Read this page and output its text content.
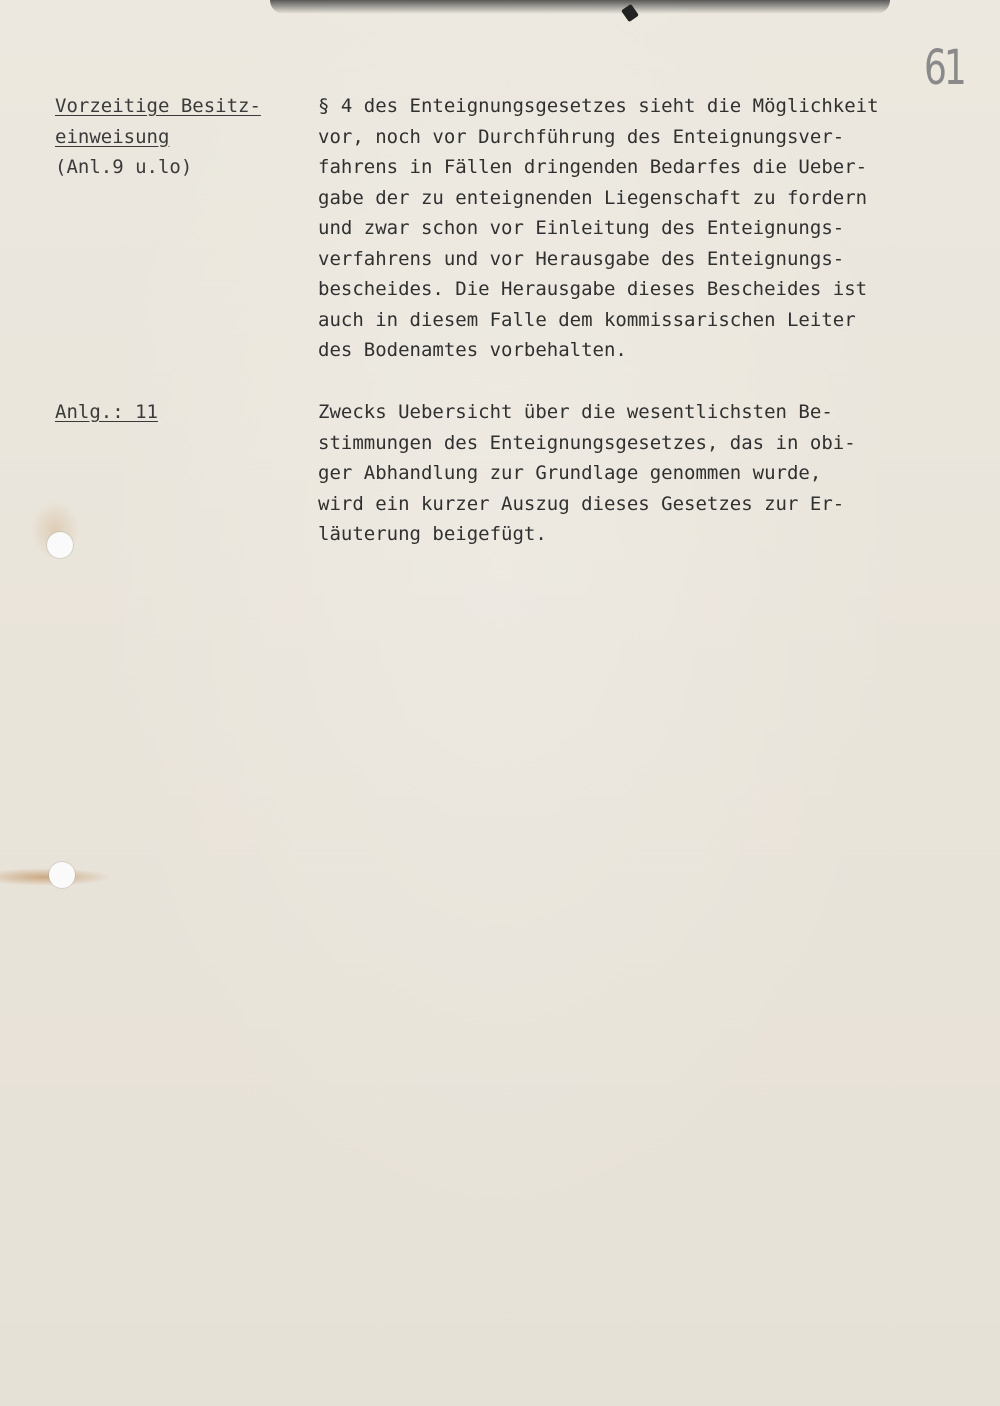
61
Vorzeitige Besitz-
einweisung
(Anl.9 u.lo)
Anlg.: 11
§ 4 des Enteignungsgesetzes sieht die Möglichkeit
vor, noch vor Durchführung des Enteignungsver-
fahrens in Fällen dringenden Bedarfes die Ueber-
gabe der zu enteignenden Liegenschaft zu fordern
und zwar schon vor Einleitung des Enteignungs-
verfahrens und vor Herausgabe des Enteignungs-
bescheides. Die Herausgabe dieses Bescheides ist
auch in diesem Falle dem kommissarischen Leiter
des Bodenamtes vorbehalten.
Zwecks Uebersicht über die wesentlichsten Be-
stimmungen des Enteignungsgesetzes, das in obi-
ger Abhandlung zur Grundlage genommen wurde,
wird ein kurzer Auszug dieses Gesetzes zur Er-
läuterung beigefügt.
